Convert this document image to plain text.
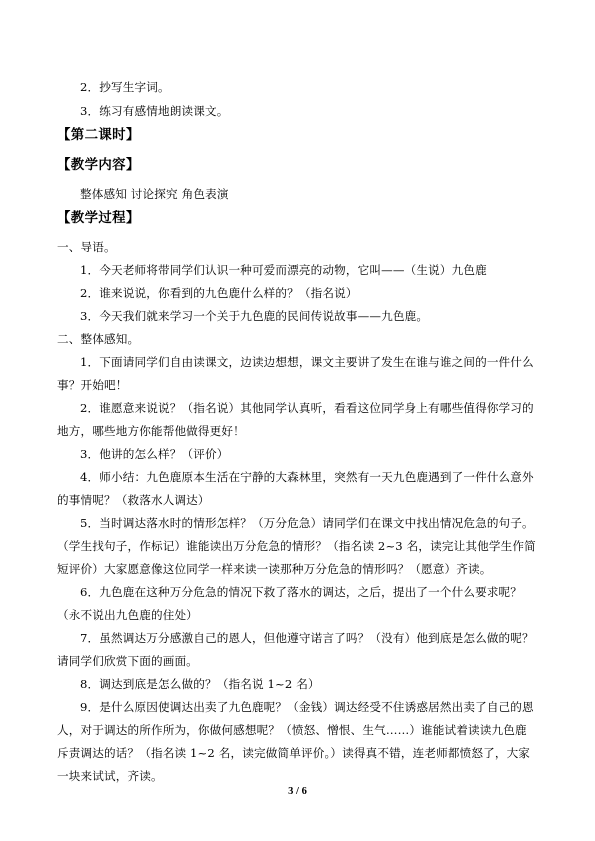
2．抄写生字词。
3．练习有感情地朗读课文。
【第二课时】
【教学内容】
整体感知 讨论探究 角色表演
【教学过程】
一、导语。
1．今天老师将带同学们认识一种可爱而漂亮的动物，它叫——（生说）九色鹿
2．谁来说说，你看到的九色鹿什么样的？（指名说）
3．今天我们就来学习一个关于九色鹿的民间传说故事——九色鹿。
二、整体感知。
1．下面请同学们自由读课文，边读边想想，课文主要讲了发生在谁与谁之间的一件什么
事？开始吧！
2．谁愿意来说说？（指名说）其他同学认真听，看看这位同学身上有哪些值得你学习的
地方，哪些地方你能帮他做得更好！
3．他讲的怎么样？（评价）
4．师小结：九色鹿原本生活在宁静的大森林里，突然有一天九色鹿遇到了一件什么意外
的事情呢？（救落水人调达）
5．当时调达落水时的情形怎样？（万分危急）请同学们在课文中找出情况危急的句子。
（学生找句子，作标记）谁能读出万分危急的情形？（指名读 2~3 名，读完让其他学生作简
短评价）大家愿意像这位同学一样来读一读那种万分危急的情形吗？（愿意）齐读。
6．九色鹿在这种万分危急的情况下救了落水的调达，之后，提出了一个什么要求呢？
（永不说出九色鹿的住处）
7．虽然调达万分感激自己的恩人，但他遵守诺言了吗？（没有）他到底是怎么做的呢？
请同学们欣赏下面的画面。
8．调达到底是怎么做的？（指名说 1~2 名）
9．是什么原因使调达出卖了九色鹿呢？（金钱）调达经受不住诱惑居然出卖了自己的恩
人，对于调达的所作所为，你做何感想呢？（愤怒、憎恨、生气……）谁能试着读读九色鹿
斥责调达的话？（指名读 1~2 名，读完做简单评价。）读得真不错，连老师都愤怒了，大家
一块来试试，齐读。
3 / 6
